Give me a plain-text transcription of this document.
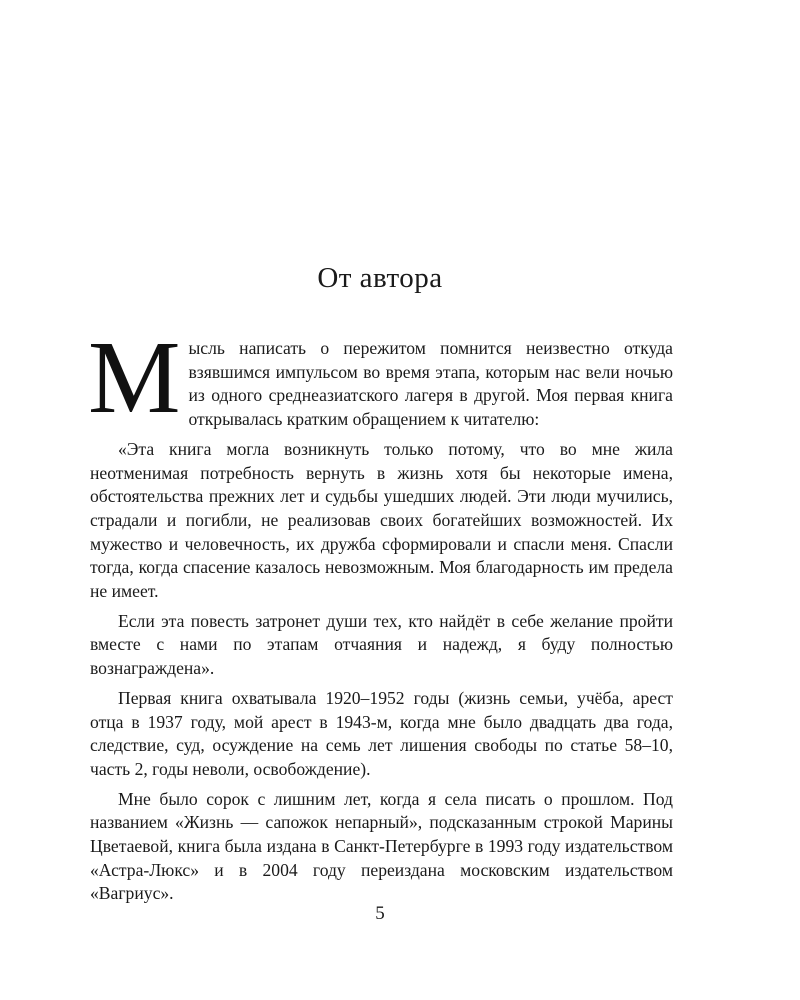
От автора

Мысль написать о пережитом помнится неизвестно откуда взявшимся импульсом во время этапа, которым нас вели ночью из одного среднеазиатского лагеря в другой. Моя первая книга открывалась кратким обращением к читателю:

«Эта книга могла возникнуть только потому, что во мне жила неотменимая потребность вернуть в жизнь хотя бы некоторые имена, обстоятельства прежних лет и судьбы ушедших людей. Эти люди мучились, страдали и погибли, не реализовав своих богатейших возможностей. Их мужество и человечность, их дружба сформировали и спасли меня. Спасли тогда, когда спасение казалось невозможным. Моя благодарность им предела не имеет.

Если эта повесть затронет души тех, кто найдёт в себе желание пройти вместе с нами по этапам отчаяния и надежд, я буду полностью вознаграждена».

Первая книга охватывала 1920–1952 годы (жизнь семьи, учёба, арест отца в 1937 году, мой арест в 1943-м, когда мне было двадцать два года, следствие, суд, осуждение на семь лет лишения свободы по статье 58–10, часть 2, годы неволи, освобождение).

Мне было сорок с лишним лет, когда я села писать о прошлом. Под названием «Жизнь — сапожок непарный», подсказанным строкой Марины Цветаевой, книга была издана в Санкт-Петербурге в 1993 году издательством «Астра-Люкс» и в 2004 году переиздана московским издательством «Вагриус».

5
